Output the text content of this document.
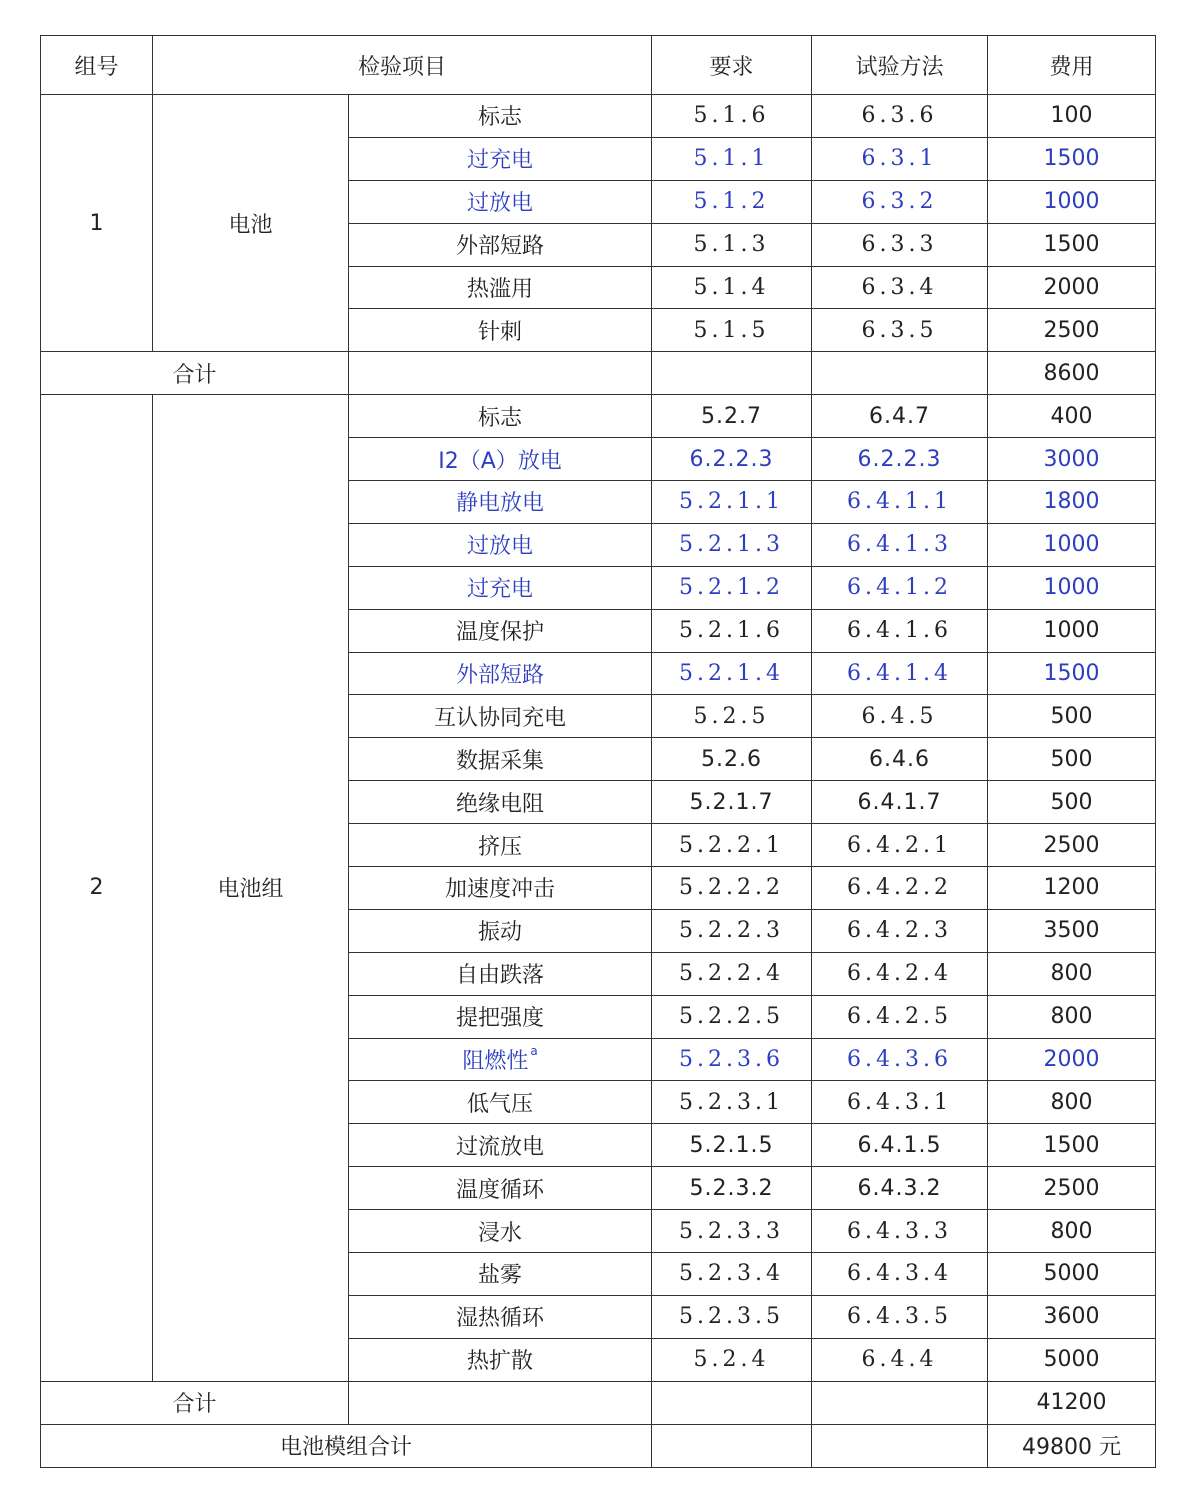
组号	检验项目		要求	试验方法	费用
1	电池	标志	5.1.6	6.3.6	100
		过充电	5.1.1	6.3.1	1500
		过放电	5.1.2	6.3.2	1000
		外部短路	5.1.3	6.3.3	1500
		热滥用	5.1.4	6.3.4	2000
		针刺	5.1.5	6.3.5	2500
合计					8600
2	电池组	标志	5.2.7	6.4.7	400
		I2（A）放电	6.2.2.3	6.2.2.3	3000
		静电放电	5.2.1.1	6.4.1.1	1800
		过放电	5.2.1.3	6.4.1.3	1000
		过充电	5.2.1.2	6.4.1.2	1000
		温度保护	5.2.1.6	6.4.1.6	1000
		外部短路	5.2.1.4	6.4.1.4	1500
		互认协同充电	5.2.5	6.4.5	500
		数据采集	5.2.6	6.4.6	500
		绝缘电阻	5.2.1.7	6.4.1.7	500
		挤压	5.2.2.1	6.4.2.1	2500
		加速度冲击	5.2.2.2	6.4.2.2	1200
		振动	5.2.2.3	6.4.2.3	3500
		自由跌落	5.2.2.4	6.4.2.4	800
		提把强度	5.2.2.5	6.4.2.5	800
		阻燃性 $^a$	5.2.3.6	6.4.3.6	2000
		低气压	5.2.3.1	6.4.3.1	800
		过流放电	5.2.1.5	6.4.1.5	1500
		温度循环	5.2.3.2	6.4.3.2	2500
		浸水	5.2.3.3	6.4.3.3	800
		盐雾	5.2.3.4	6.4.3.4	5000
		湿热循环	5.2.3.5	6.4.3.5	3600
		热扩散	5.2.4	6.4.4	5000
合计					41200
电池模组合计					49800 元
